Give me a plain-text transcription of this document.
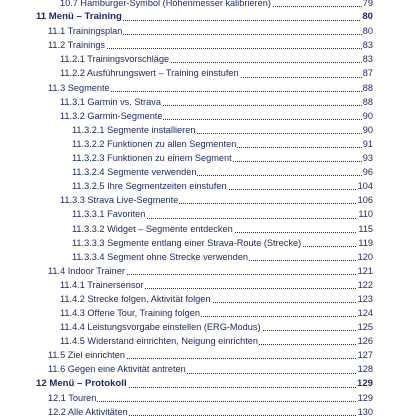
10.7 Hamburger-Symbol (Höhenmesser kalibrieren)	79
11 Menü – Training	80
11.1 Trainingsplan	80
11.2 Trainings	83
11.2.1 Trainingsvorschläge	83
11.2.2 Ausführungswert – Training einstufen	87
11.3 Segmente	88
11.3.1 Garmin vs. Strava	88
11.3.2 Garmin-Segmente	90
11.3.2.1 Segmente installieren	90
11.3.2.2 Funktionen zu allen Segmenten	91
11.3.2.3 Funktionen zu einem Segment	93
11.3.2.4 Segmente verwenden	96
11.3.2.5 Ihre Segmentzeiten einstufen	104
11.3.3 Strava Live-Segmente	106
11.3.3.1 Favoriten	110
11.3.3.2 Widget – Segmente entdecken	115
11.3.3.3 Segmente entlang einer Strava-Route (Strecke)	119
11.3.3.4 Segment ohne Strecke verwenden	120
11.4 Indoor Trainer	121
11.4.1 Trainersensor	122
11.4.2 Strecke folgen, Aktivität folgen	123
11.4.3 Offene Tour, Training folgen	124
11.4.4 Leistungsvorgabe einstellen (ERG-Modus)	125
11.4.5 Widerstand einrichten, Neigung einrichten	126
11.5 Ziel einrichten	127
11.6 Gegen eine Aktivität antreten	128
12 Menü – Protokoll	129
12.1 Touren	129
12.2 Alle Aktivitäten	130
